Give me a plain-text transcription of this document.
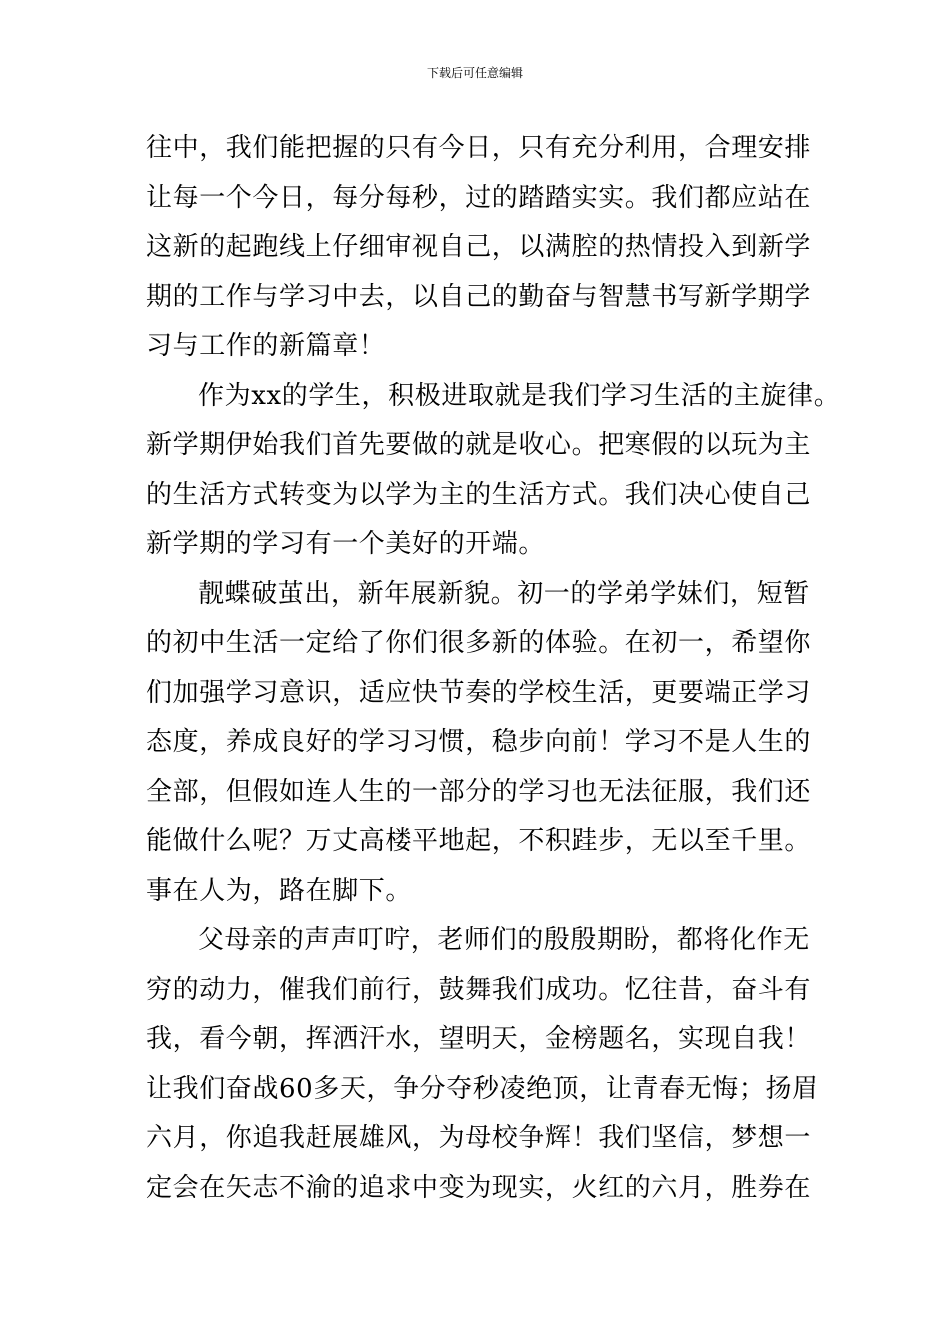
下载后可任意编辑
往中，我们能把握的只有今日，只有充分利用，合理安排
让每一个今日，每分每秒，过的踏踏实实。我们都应站在
这新的起跑线上仔细审视自己，以满腔的热情投入到新学
期的工作与学习中去，以自己的勤奋与智慧书写新学期学
习与工作的新篇章！
作为xx的学生，积极进取就是我们学习生活的主旋律。
新学期伊始我们首先要做的就是收心。把寒假的以玩为主
的生活方式转变为以学为主的生活方式。我们决心使自己
新学期的学习有一个美好的开端。
靓蝶破茧出，新年展新貌。初一的学弟学妹们，短暂
的初中生活一定给了你们很多新的体验。在初一，希望你
们加强学习意识，适应快节奏的学校生活，更要端正学习
态度，养成良好的学习习惯，稳步向前！学习不是人生的
全部，但假如连人生的一部分的学习也无法征服，我们还
能做什么呢？万丈高楼平地起，不积跬步，无以至千里。
事在人为，路在脚下。
父母亲的声声叮咛，老师们的殷殷期盼，都将化作无
穷的动力，催我们前行，鼓舞我们成功。忆往昔，奋斗有
我，看今朝，挥洒汗水，望明天，金榜题名，实现自我！
让我们奋战60多天，争分夺秒凌绝顶，让青春无悔；扬眉
六月，你追我赶展雄风，为母校争辉！我们坚信，梦想一
定会在矢志不渝的追求中变为现实，火红的六月，胜券在
